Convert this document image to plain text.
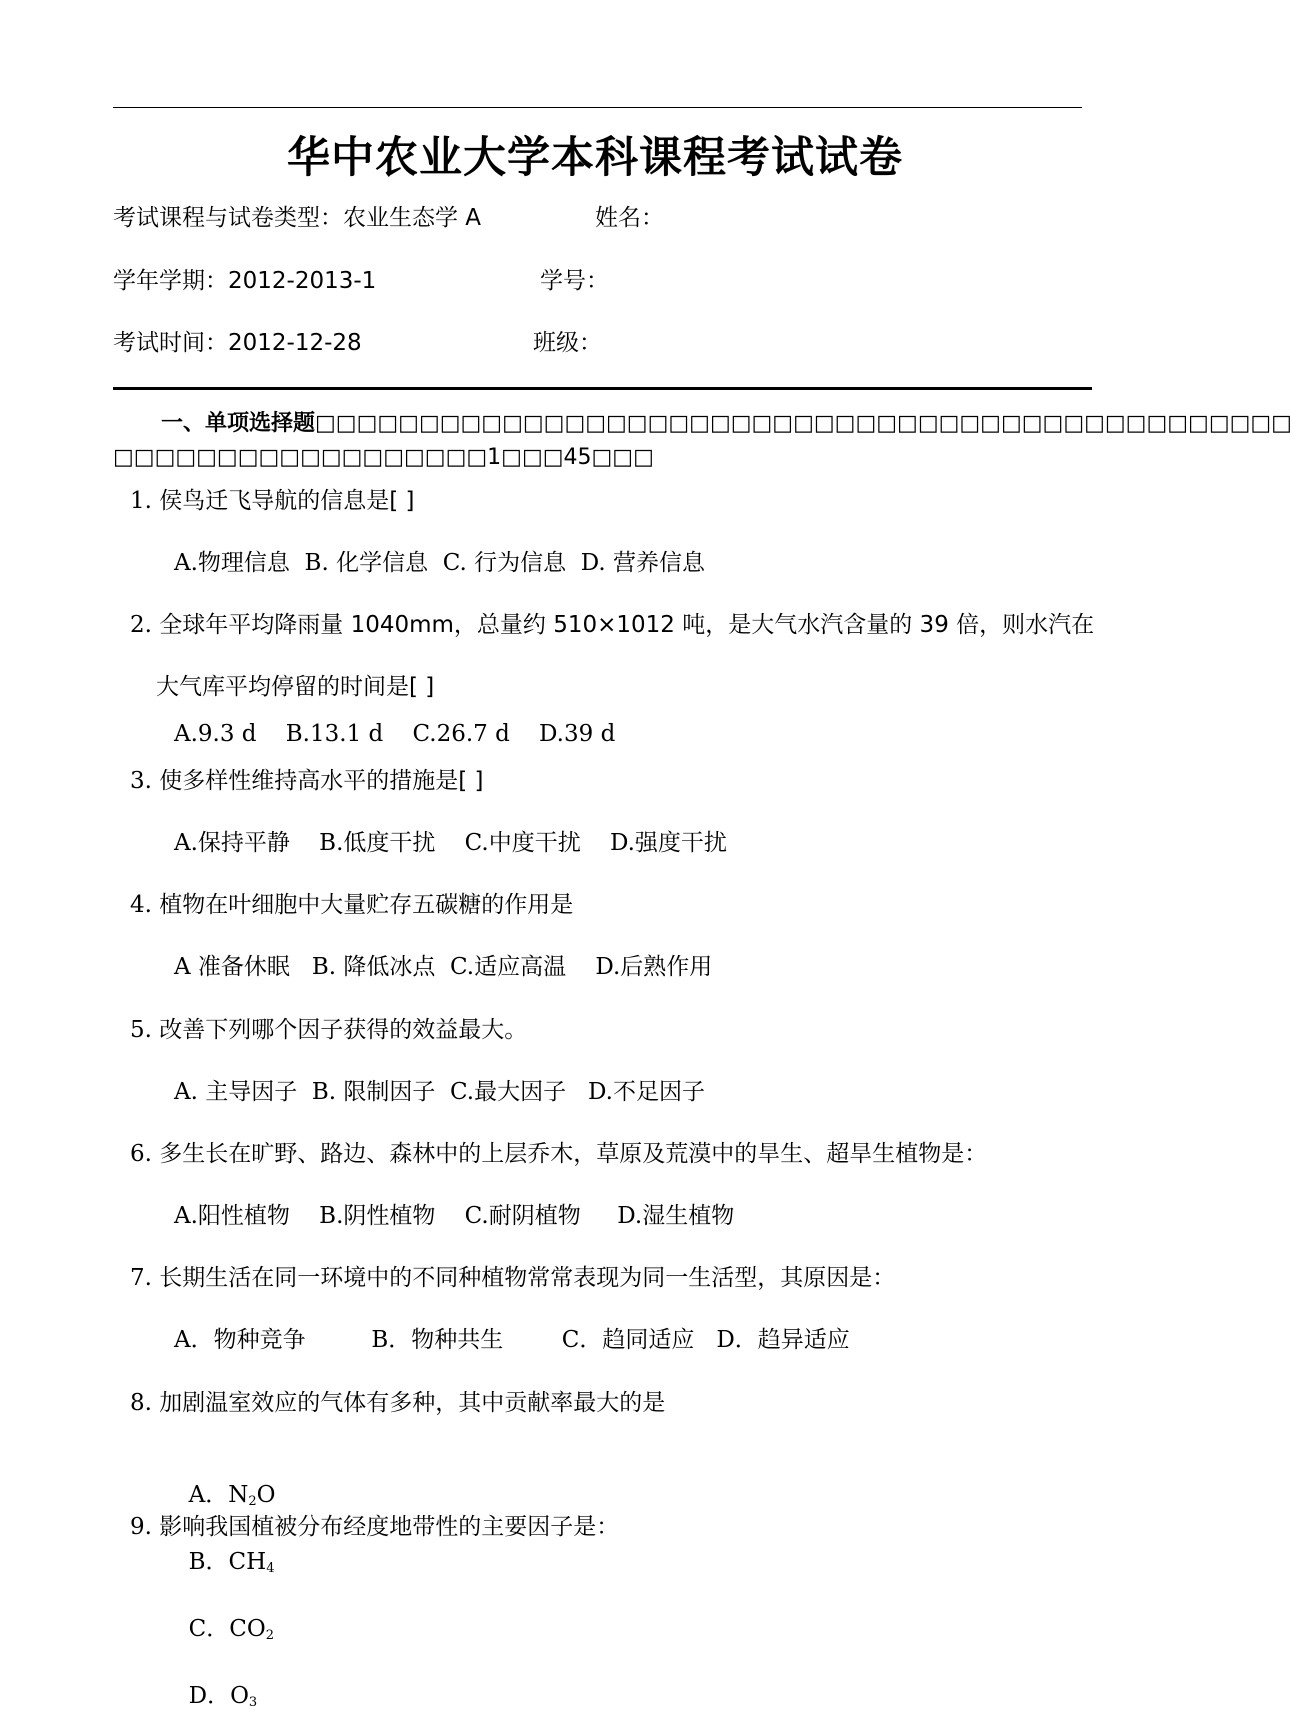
华中农业大学本科课程考试试卷
考试课程与试卷类型：农业生态学 A	姓名：
学年学期：2012-2013-1	学号：
考试时间：2012-12-28	班级：
一、单项选择题□□□□□□□□□□□□□□□□□□□□□□□□□□□□□□□□□□□□□□□□□□□□□□□
□□□□□□□□□□□□□□□□□□1□□□45□□□
1. 侯鸟迁飞导航的信息是[ ]
A.物理信息  B. 化学信息  C. 行为信息  D. 营养信息
2. 全球年平均降雨量 1040mm，总量约 510×1012 吨，是大气水汽含量的 39 倍，则水汽在
大气库平均停留的时间是[ ]
A.9.3 d    B.13.1 d    C.26.7 d    D.39 d
3. 使多样性维持高水平的措施是[ ]
A.保持平静    B.低度干扰    C.中度干扰    D.强度干扰
4. 植物在叶细胞中大量贮存五碳糖的作用是
A 准备休眠   B. 降低冰点  C.适应高温    D.后熟作用
5. 改善下列哪个因子获得的效益最大。
A. 主导因子  B. 限制因子  C.最大因子   D.不足因子
6. 多生长在旷野、路边、森林中的上层乔木，草原及荒漠中的旱生、超旱生植物是：
A.阳性植物    B.阴性植物    C.耐阴植物     D.湿生植物
7. 长期生活在同一环境中的不同种植物常常表现为同一生活型，其原因是：
A．物种竞争         B．物种共生        C．趋同适应   D．趋异适应
8. 加剧温室效应的气体有多种，其中贡献率最大的是

A．$N_2O$

B．$CH_4$

C．$CO_2$

D．$O_3$

9. 影响我国植被分布经度地带性的主要因子是：
